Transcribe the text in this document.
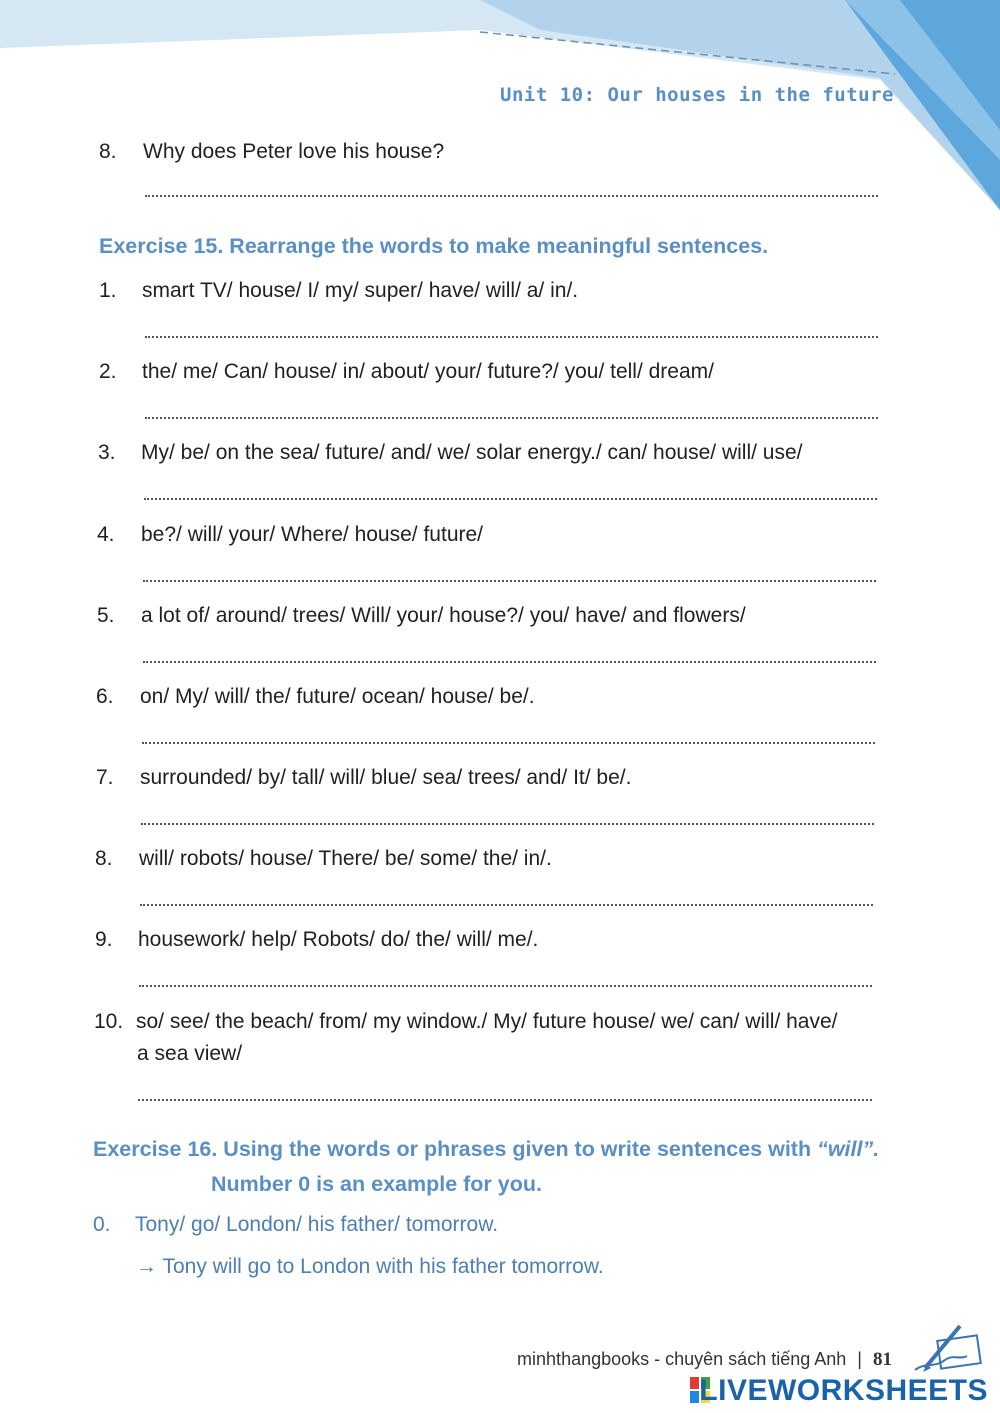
Unit 10: Our houses in the future
8. Why does Peter love his house?
Exercise 15. Rearrange the words to make meaningful sentences.
1. smart TV/ house/ I/ my/ super/ have/ will/ a/ in/.
2. the/ me/ Can/ house/ in/ about/ your/ future?/ you/ tell/ dream/
3. My/ be/ on the sea/ future/ and/ we/ solar energy./ can/ house/ will/ use/
4. be?/ will/ your/ Where/ house/ future/
5. a lot of/ around/ trees/ Will/ your/ house?/ you/ have/ and flowers/
6. on/ My/ will/ the/ future/ ocean/ house/ be/.
7. surrounded/ by/ tall/ will/ blue/ sea/ trees/ and/ It/ be/.
8. will/ robots/ house/ There/ be/ some/ the/ in/.
9. housework/ help/ Robots/ do/ the/ will/ me/.
10. so/ see/ the beach/ from/ my window./ My/ future house/ we/ can/ will/ have/
a sea view/
Exercise 16. Using the words or phrases given to write sentences with “will”.
Number 0 is an example for you.
0. Tony/ go/ London/ his father/ tomorrow.
→ Tony will go to London with his father tomorrow.
minhthangbooks - chuyên sách tiếng Anh | 81
LIVEWORKSHEETS
